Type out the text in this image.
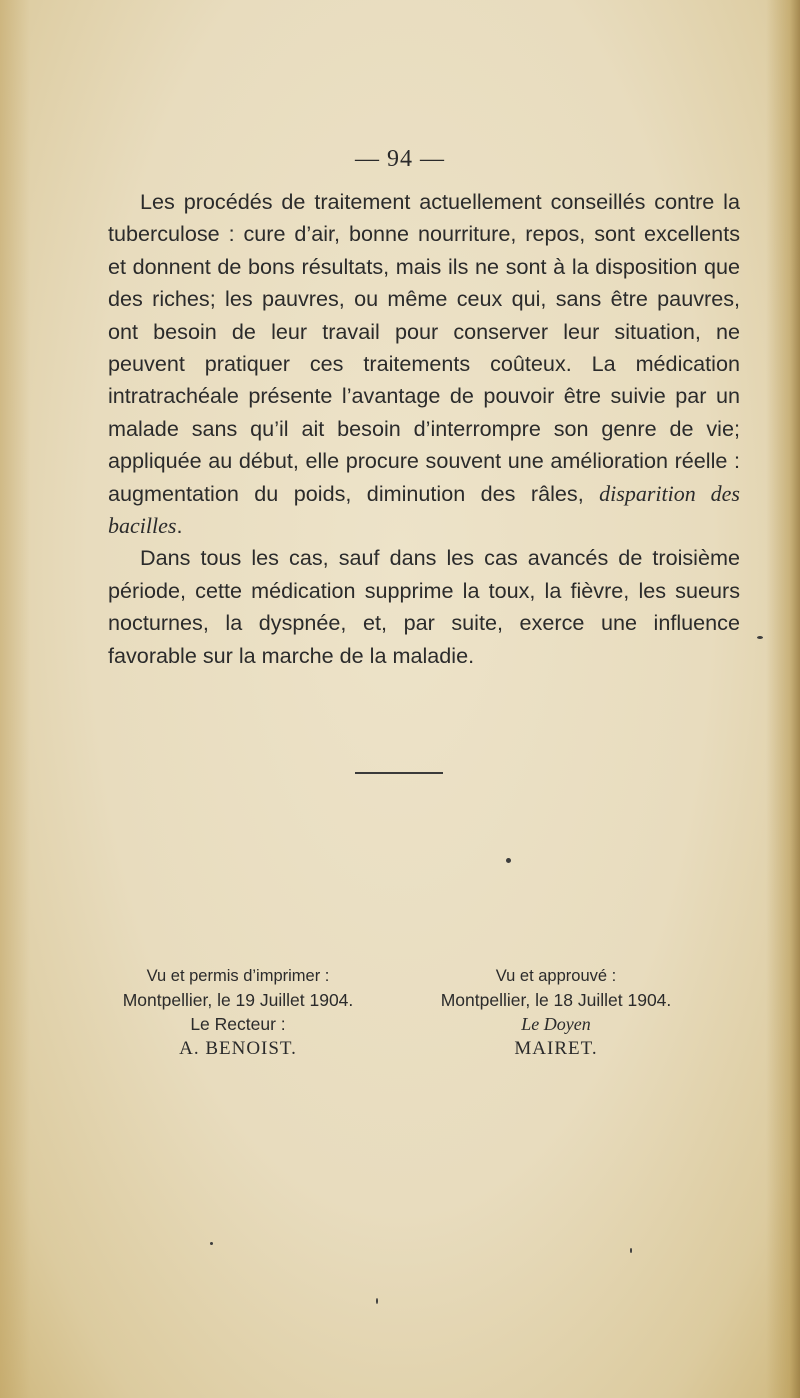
— 94 —

Les procédés de traitement actuellement conseillés contre la tuberculose : cure d’air, bonne nourriture, repos, sont excellents et donnent de bons résultats, mais ils ne sont à la disposition que des riches; les pauvres, ou même ceux qui, sans être pauvres, ont besoin de leur travail pour conserver leur situation, ne peuvent pratiquer ces traitements coûteux. La médication intratrachéale présente l’avantage de pouvoir être suivie par un malade sans qu’il ait besoin d’interrompre son genre de vie; appliquée au début, elle procure souvent une amélioration réelle : augmentation du poids, diminution des râles, disparition des bacilles.

Dans tous les cas, sauf dans les cas avancés de troisième période, cette médication supprime la toux, la fièvre, les sueurs nocturnes, la dyspnée, et, par suite, exerce une influence favorable sur la marche de la maladie.

Vu et permis d’imprimer :
Montpellier, le 19 Juillet 1904.
Le Recteur :
A. BENOIST.
Vu et approuvé :
Montpellier, le 18 Juillet 1904.
Le Doyen
MAIRET.
